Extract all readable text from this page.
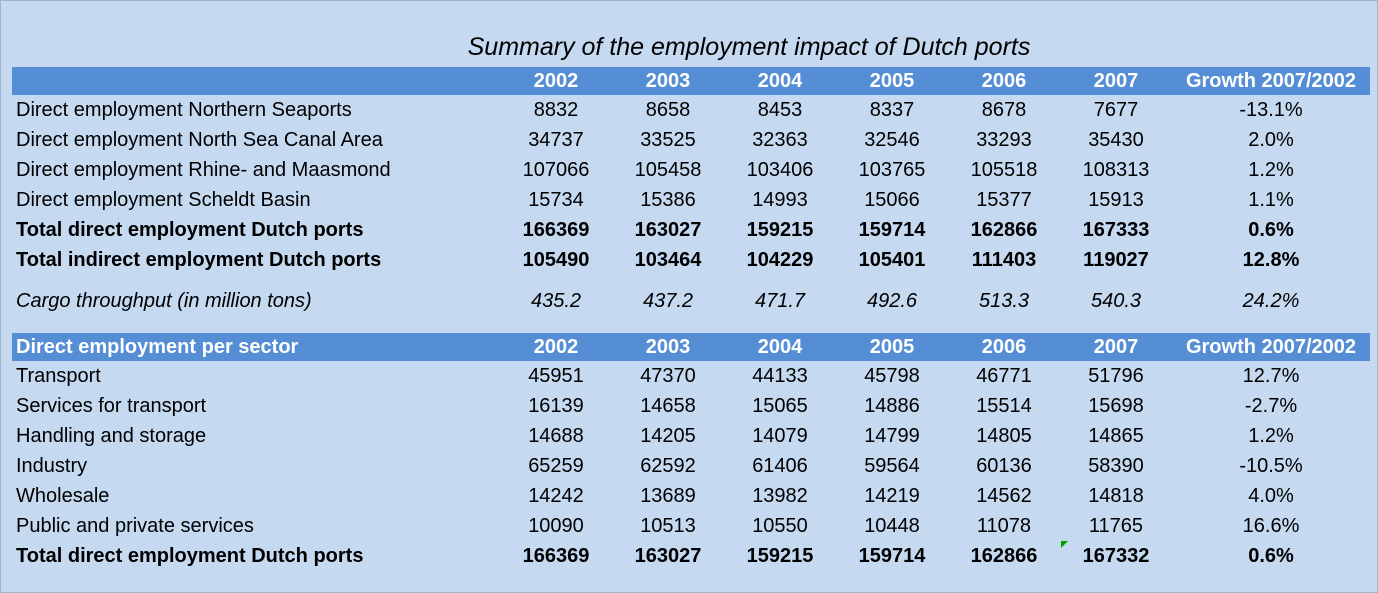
Summary of the employment impact of Dutch ports
	2002	2003	2004	2005	2006	2007	Growth 2007/2002
Direct employment Northern Seaports	8832	8658	8453	8337	8678	7677	-13.1%
Direct employment North Sea Canal Area	34737	33525	32363	32546	33293	35430	2.0%
Direct employment Rhine- and Maasmond	107066	105458	103406	103765	105518	108313	1.2%
Direct employment Scheldt Basin	15734	15386	14993	15066	15377	15913	1.1%
Total direct employment Dutch ports	166369	163027	159215	159714	162866	167333	0.6%
Total indirect employment Dutch ports	105490	103464	104229	105401	111403	119027	12.8%
Cargo throughput (in million tons)	435.2	437.2	471.7	492.6	513.3	540.3	24.2%
Direct employment per sector	2002	2003	2004	2005	2006	2007	Growth 2007/2002
Transport	45951	47370	44133	45798	46771	51796	12.7%
Services for transport	16139	14658	15065	14886	15514	15698	-2.7%
Handling and storage	14688	14205	14079	14799	14805	14865	1.2%
Industry	65259	62592	61406	59564	60136	58390	-10.5%
Wholesale	14242	13689	13982	14219	14562	14818	4.0%
Public and private services	10090	10513	10550	10448	11078	11765	16.6%
Total direct employment Dutch ports	166369	163027	159215	159714	162866	167332	0.6%
